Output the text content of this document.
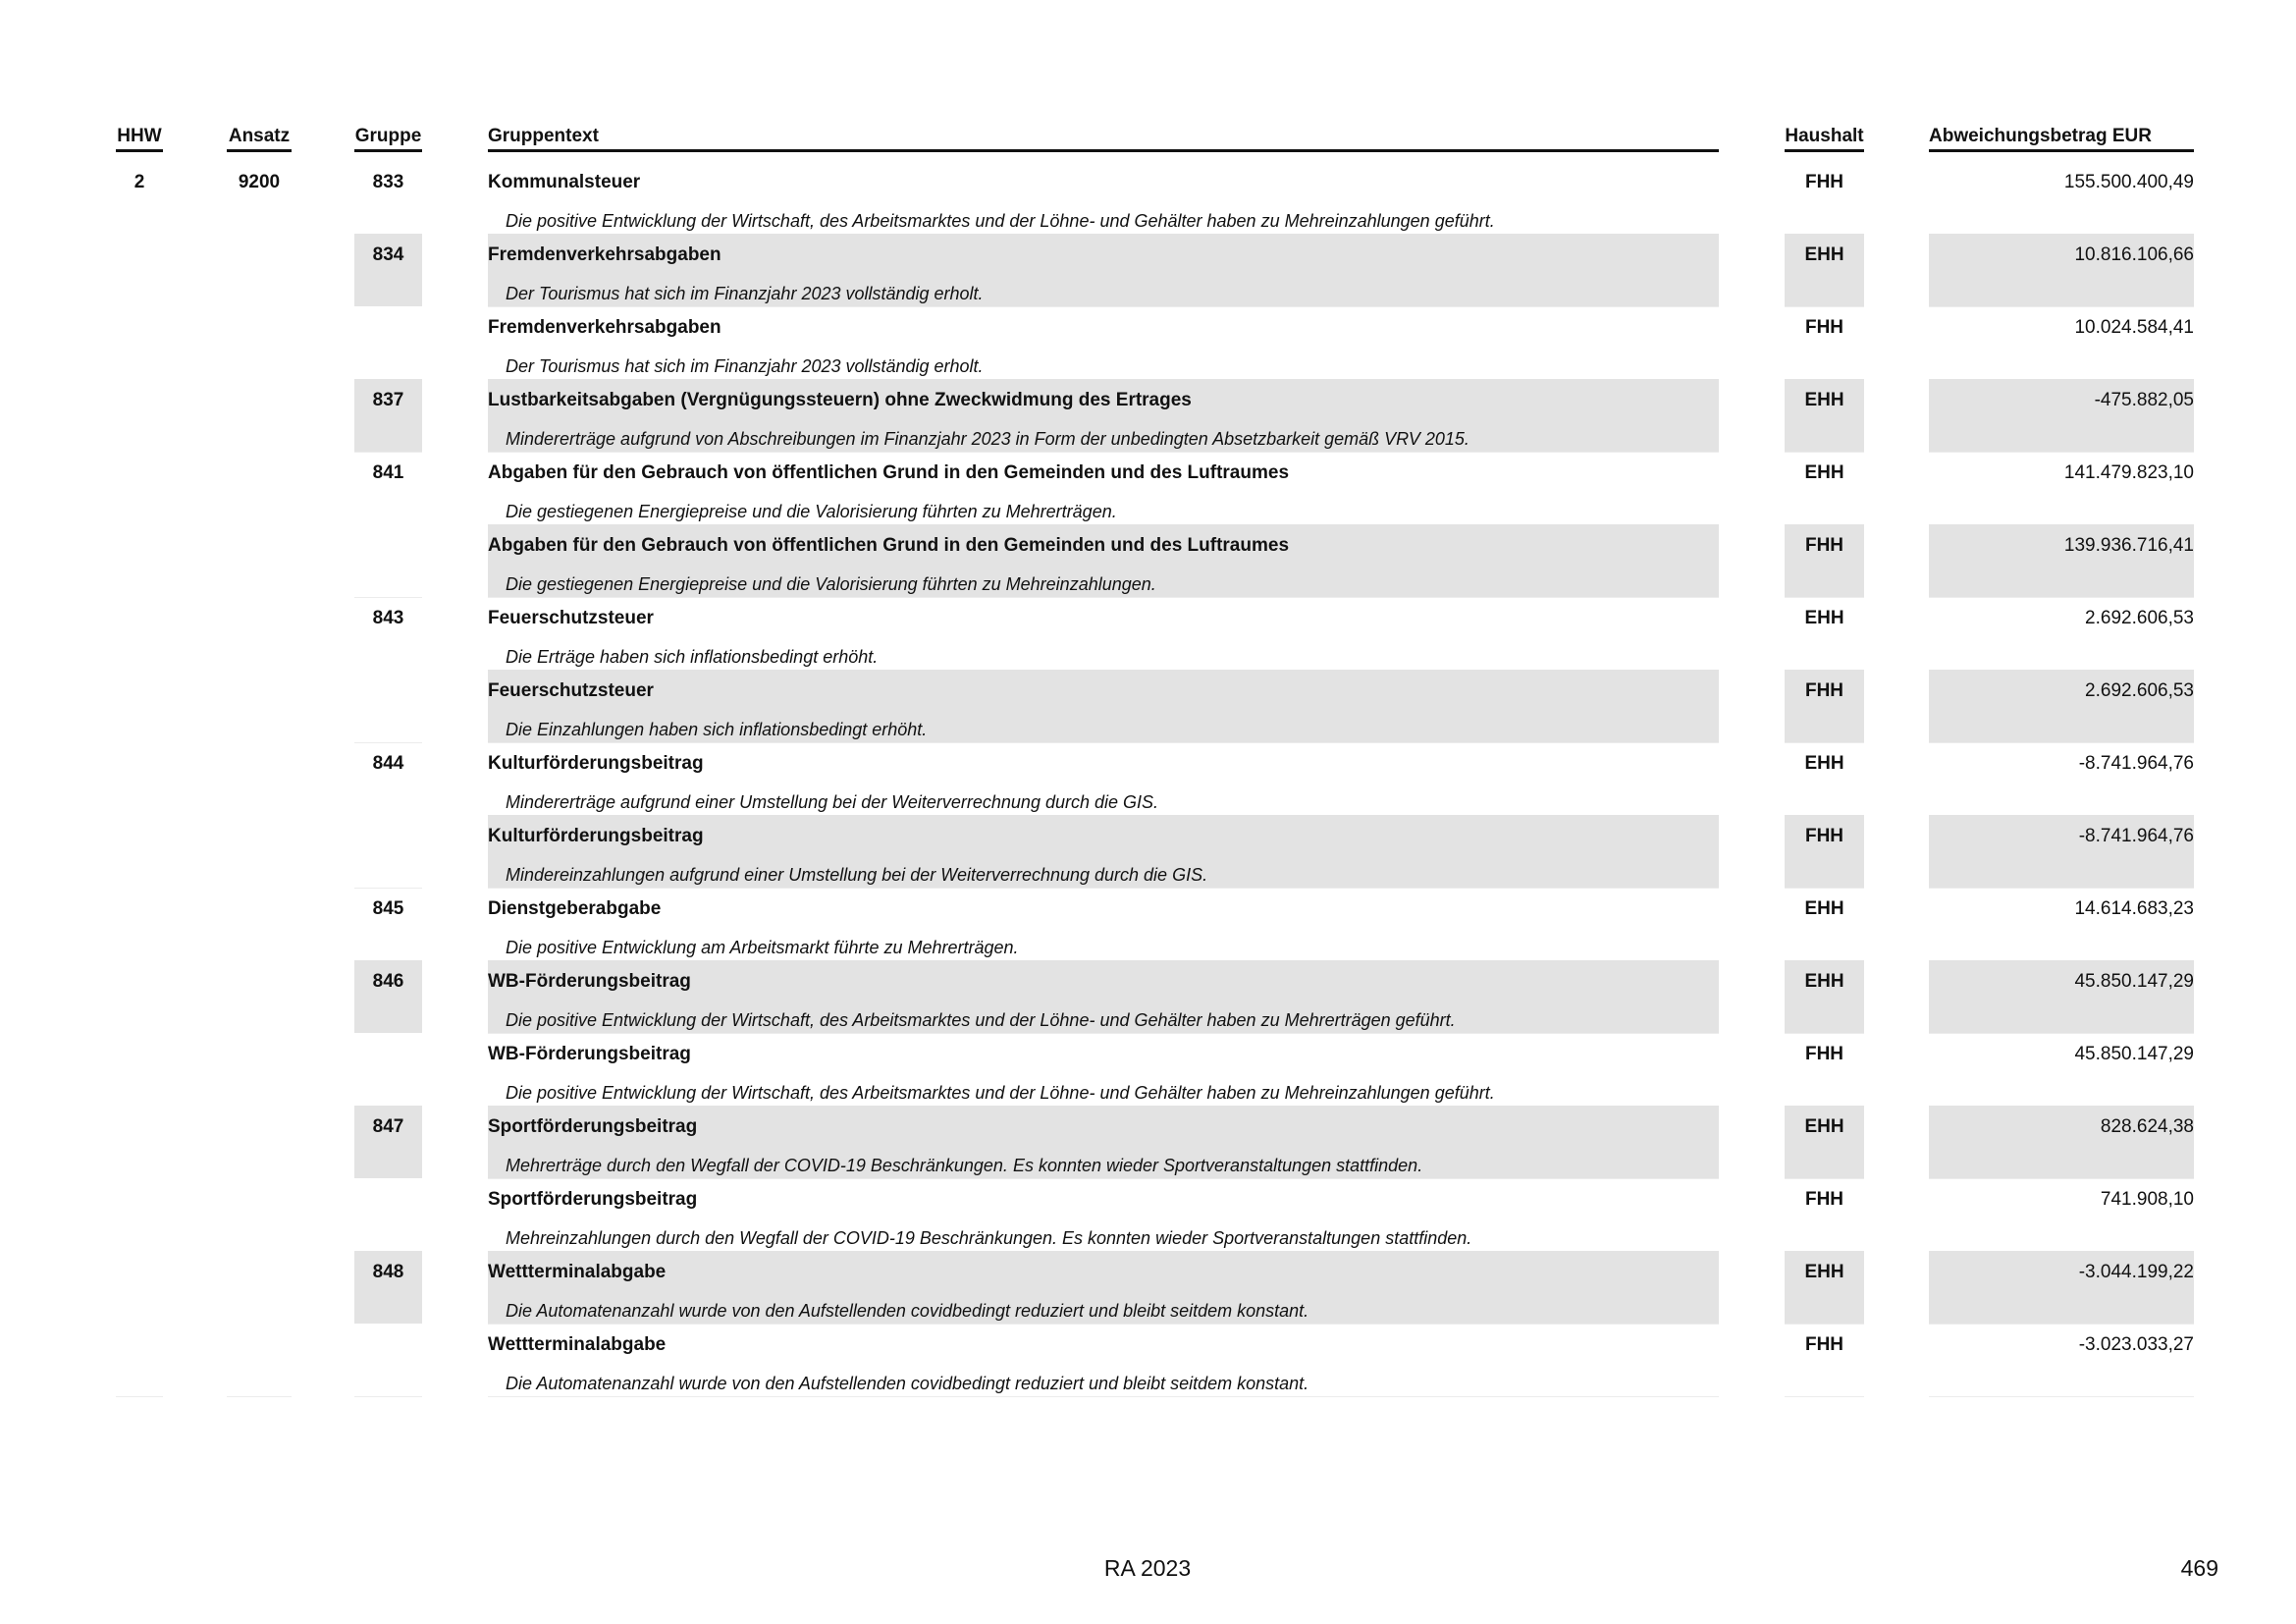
HHW	Ansatz	Gruppe	Gruppentext	Haushalt	Abweichungsbetrag EUR
2	9200	833	Kommunalsteuer	FHH	155.500.400,49
Die positive Entwicklung der Wirtschaft, des Arbeitsmarktes und der Löhne- und Gehälter haben zu Mehreinzahlungen geführt.
834	Fremdenverkehrsabgaben	EHH	10.816.106,66
Der Tourismus hat sich im Finanzjahr 2023 vollständig erholt.
Fremdenverkehrsabgaben	FHH	10.024.584,41
Der Tourismus hat sich im Finanzjahr 2023 vollständig erholt.
837	Lustbarkeitsabgaben (Vergnügungssteuern) ohne Zweckwidmung des Ertrages	EHH	-475.882,05
Mindererträge aufgrund von Abschreibungen im Finanzjahr 2023 in Form der unbedingten Absetzbarkeit gemäß VRV 2015.
841	Abgaben für den Gebrauch von öffentlichen Grund in den Gemeinden und des Luftraumes	EHH	141.479.823,10
Die gestiegenen Energiepreise und die Valorisierung führten zu Mehrerträgen.
Abgaben für den Gebrauch von öffentlichen Grund in den Gemeinden und des Luftraumes	FHH	139.936.716,41
Die gestiegenen Energiepreise und die Valorisierung führten zu Mehreinzahlungen.
843	Feuerschutzsteuer	EHH	2.692.606,53
Die Erträge haben sich inflationsbedingt erhöht.
Feuerschutzsteuer	FHH	2.692.606,53
Die Einzahlungen haben sich inflationsbedingt erhöht.
844	Kulturförderungsbeitrag	EHH	-8.741.964,76
Mindererträge aufgrund einer Umstellung bei der Weiterverrechnung durch die GIS.
Kulturförderungsbeitrag	FHH	-8.741.964,76
Mindereinzahlungen aufgrund einer Umstellung bei der Weiterverrechnung durch die GIS.
845	Dienstgeberabgabe	EHH	14.614.683,23
Die positive Entwicklung am Arbeitsmarkt führte zu Mehrerträgen.
846	WB-Förderungsbeitrag	EHH	45.850.147,29
Die positive Entwicklung der Wirtschaft, des Arbeitsmarktes und der Löhne- und Gehälter haben zu Mehrerträgen geführt.
WB-Förderungsbeitrag	FHH	45.850.147,29
Die positive Entwicklung der Wirtschaft, des Arbeitsmarktes und der Löhne- und Gehälter haben zu Mehreinzahlungen geführt.
847	Sportförderungsbeitrag	EHH	828.624,38
Mehrerträge durch den Wegfall der COVID-19 Beschränkungen. Es konnten wieder Sportveranstaltungen stattfinden.
Sportförderungsbeitrag	FHH	741.908,10
Mehreinzahlungen durch den Wegfall der COVID-19 Beschränkungen. Es konnten wieder Sportveranstaltungen stattfinden.
848	Wettterminalabgabe	EHH	-3.044.199,22
Die Automatenanzahl wurde von den Aufstellenden covidbedingt reduziert und bleibt seitdem konstant.
Wettterminalabgabe	FHH	-3.023.033,27
Die Automatenanzahl wurde von den Aufstellenden covidbedingt reduziert und bleibt seitdem konstant.
RA 2023	469
